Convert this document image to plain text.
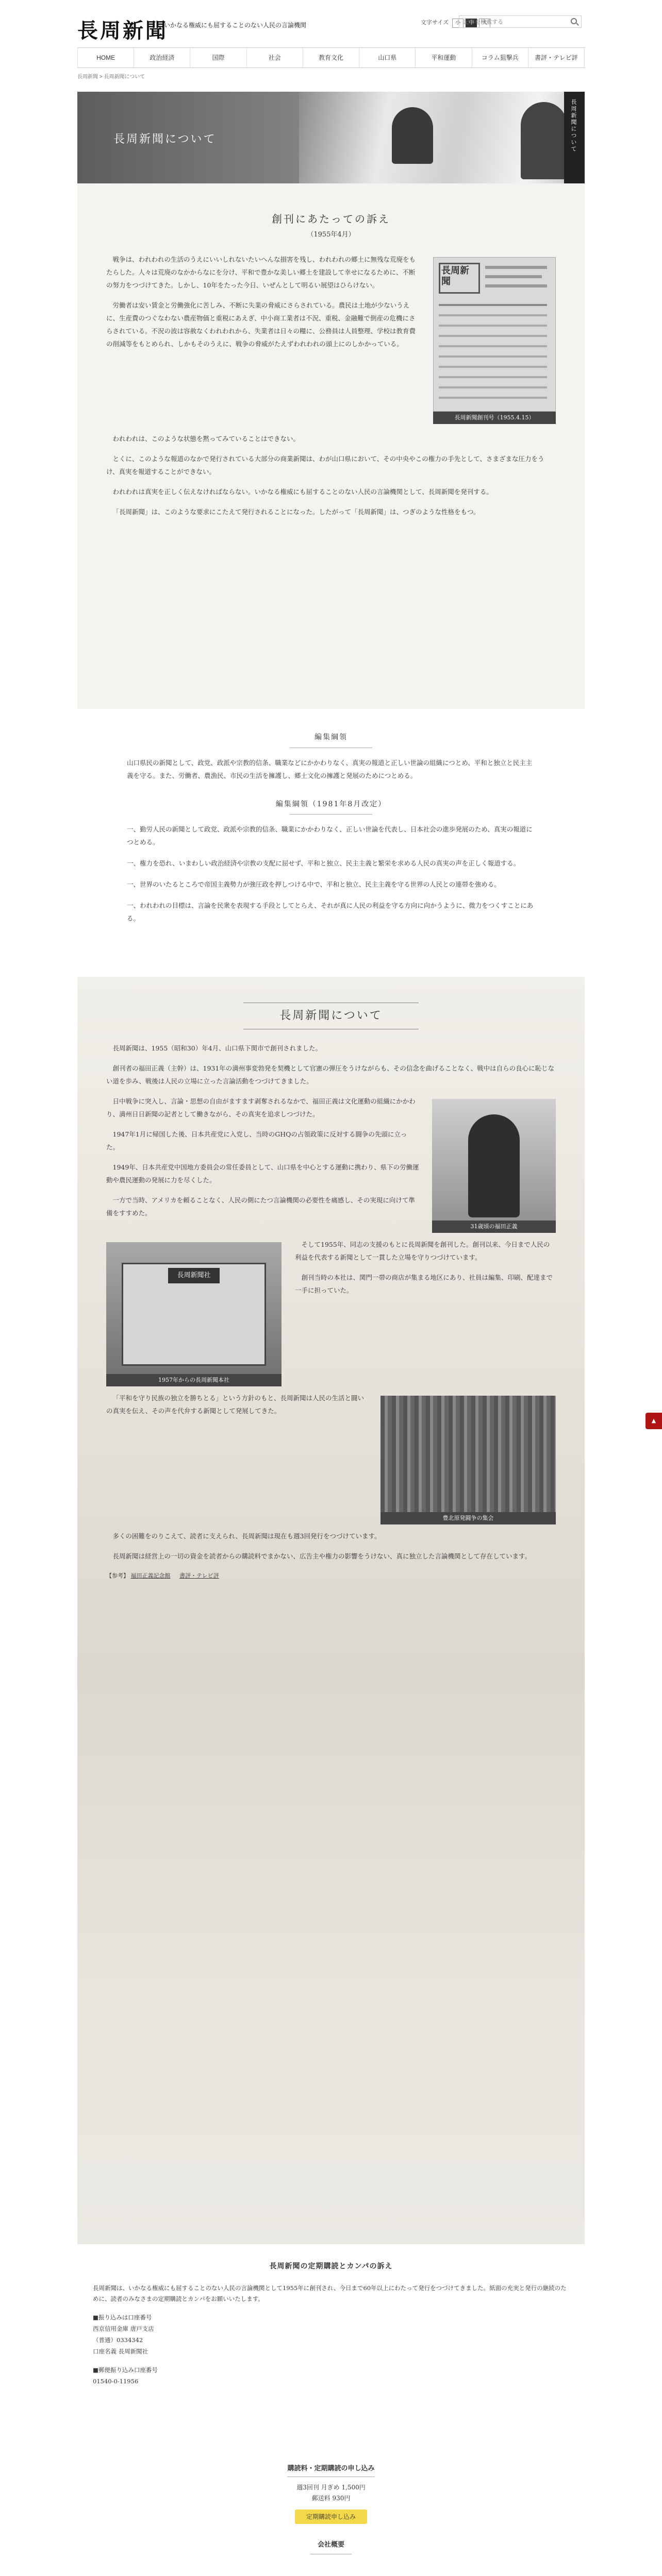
長周新聞
いかなる権威にも屈することのない人民の言論機関	文字サイズ 小 中 大
記事を検索する
HOME	政治経済	国際	社会	教育文化	山口県	平和運動	コラム狙撃兵	書評・テレビ評
長周新聞 > 長周新聞について
長周新聞について	長周新聞について
創刊にあたっての訴え
（1955年4月）

戦争は、われわれの生活のうえにいいしれないたいへんな損害を残し、われわれの郷土に無残な荒廃をもたらした。人々は荒廃のなかからなにを分け、平和で豊かな美しい郷土を建設して幸せになるために、不断の努力をつづけてきた。しかし、10年をたった今日、いぜんとして明るい展望はひらけない。

労働者は安い賃金と労働強化に苦しみ、不断に失業の脅威にさらされている。農民は土地が少ないうえに、生産費のつぐなわない農産物価と重税にあえぎ、中小商工業者は不況、重税、金融難で倒産の危機にさらされている。不況の波は容赦なくわれわれから、失業者は日々の糧に、公務員は人員整理、学校は教育費の削減等をもとめられ、しかもそのうえに、戦争の脅威がたえずわれわれの頭上にのしかかっている。

長周新聞
長周新聞創刊号（1955.4.15）

われわれは、このような状態を黙ってみていることはできない。

とくに、このような報道のなかで発行されている大部分の商業新聞は、わが山口県において、その中央やこの権力の手先として、さまざまな圧力をうけ、真実を報道することができない。

われわれは真実を正しく伝えなければならない。いかなる権威にも屈することのない人民の言論機関として、長周新聞を発刊する。

「長周新聞」は、このような要求にこたえて発行されることになった。したがって「長周新聞」は、つぎのような性格をもつ。

編集綱領

山口県民の新聞として、政党、政派や宗教的信条、職業などにかかわりなく、真実の報道と正しい世論の組織につとめ、平和と独立と民主主義を守る。また、労働者、農漁民、市民の生活を擁護し、郷土文化の擁護と発展のためにつとめる。

編集綱領（1981年8月改定）

一、勤労人民の新聞として政党、政派や宗教的信条、職業にかかわりなく、正しい世論を代表し、日本社会の進歩発展のため、真実の報道につとめる。

一、権力を恐れ、いまわしい政治経済や宗教の支配に屈せず、平和と独立、民主主義と繁栄を求める人民の真実の声を正しく報道する。

一、世界のいたるところで帝国主義勢力が強圧政を押しつける中で、平和と独立、民主主義を守る世界の人民との連帯を強める。

一、われわれの目標は、言論を民衆を表現する手段としてとらえ、それが真に人民の利益を守る方向に向かうように、微力をつくすことにある。

長周新聞について

長周新聞は、1955（昭和30）年4月、山口県下関市で創刊されました。

創刊者の福田正義（主幹）は、1931年の満州事変勃発を契機として官憲の弾圧をうけながらも、その信念を曲げることなく、戦中は自らの良心に恥じない道を歩み、戦後は人民の立場に立った言論活動をつづけてきました。

31歳頃の福田正義

日中戦争に突入し、言論・思想の自由がますます剥奪されるなかで、福田正義は文化運動の組織にかかわり、満州日日新聞の記者として働きながら、その真実を追求しつづけた。

1947年1月に帰国した後、日本共産党に入党し、当時のGHQの占領政策に反対する闘争の先頭に立った。

1949年、日本共産党中国地方委員会の常任委員として、山口県を中心とする運動に携わり、県下の労働運動や農民運動の発展に力を尽くした。

一方で当時、アメリカを頼ることなく、人民の側にたつ言論機関の必要性を痛感し、その実現に向けて準備をすすめた。

長周新聞社
1957年からの長周新聞本社

そして1955年、同志の支援のもとに長周新聞を創刊した。創刊以来、今日まで人民の利益を代表する新聞として一貫した立場を守りつづけています。

創刊当時の本社は、関門一帯の商店が集まる地区にあり、社員は編集、印刷、配達まで一手に担っていた。

豊北原発闘争の集会

「平和を守り民族の独立を勝ちとる」という方針のもと、長周新聞は人民の生活と闘いの真実を伝え、その声を代弁する新聞として発展してきた。

多くの困難をのりこえて、読者に支えられ、長周新聞は現在も週3回発行をつづけています。

長周新聞は経営上の一切の資金を読者からの購読料でまかない、広告主や権力の影響をうけない、真に独立した言論機関として存在しています。

【参考】 福田正義記念館 書評・テレビ評
長周新聞の定期購読とカンパの訴え

長周新聞は、いかなる権威にも屈することのない人民の言論機関として1955年に創刊され、今日まで60年以上にわたって発行をつづけてきました。紙面の充実と発行の継続のために、読者のみなさまの定期購読とカンパをお願いいたします。

■振り込みは口座番号
西京信用金庫 唐戸支店
（普通）0334342
口座名義 長周新聞社
■郵便振り込み口座番号
01540-0-11956
購読料・定期購読の申し込み
週3回刊 月ぎめ 1,500円
郵送料 930円
定期購読申し込み
会社概要
▲
